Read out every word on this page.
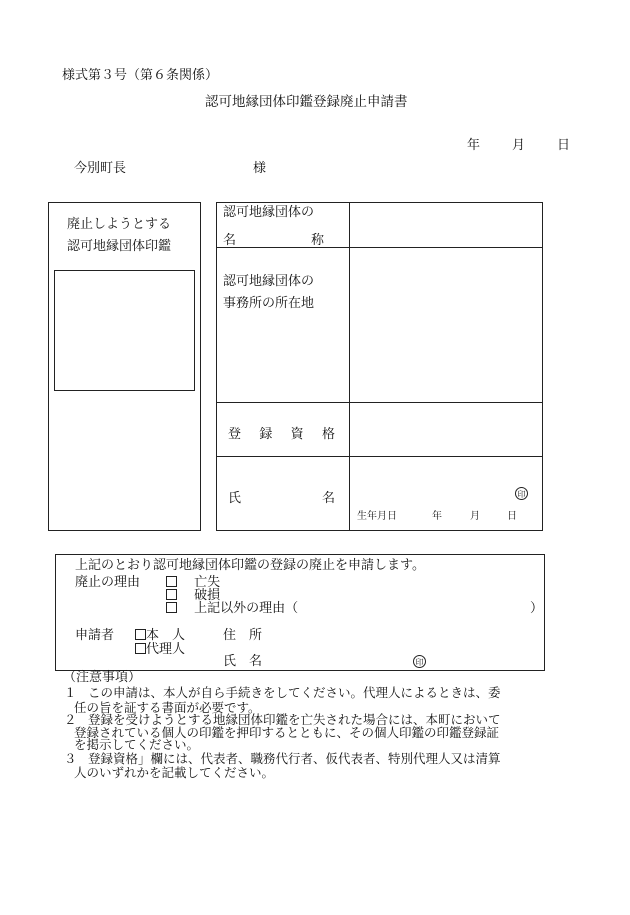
様式第３号（第６条関係）
認可地縁団体印鑑登録廃止申請書
年 月 日
今別町長	様
廃止しようとする
認可地縁団体印鑑
認可地縁団体の
名	称
認可地縁団体の
事務所の所在地
登 録 資 格
氏	名	印
生年月日	年	月	日
上記のとおり認可地縁団体印鑑の登録の廃止を申請します。
廃止の理由	亡失
破損
上記以外の理由（	）
申請者	本　人
代理人
住　所
氏　名	印
（注意事項）
１ この申請は、本人が自ら手続きをしてください。代理人によるときは、委
任の旨を証する書面が必要です。
２ 登録を受けようとする地縁団体印鑑を亡失された場合には、本町において
登録されている個人の印鑑を押印するとともに、その個人印鑑の印鑑登録証
を掲示してください。
３ 登録資格」欄には、代表者、職務代行者、仮代表者、特別代理人又は清算
人のいずれかを記載してください。
